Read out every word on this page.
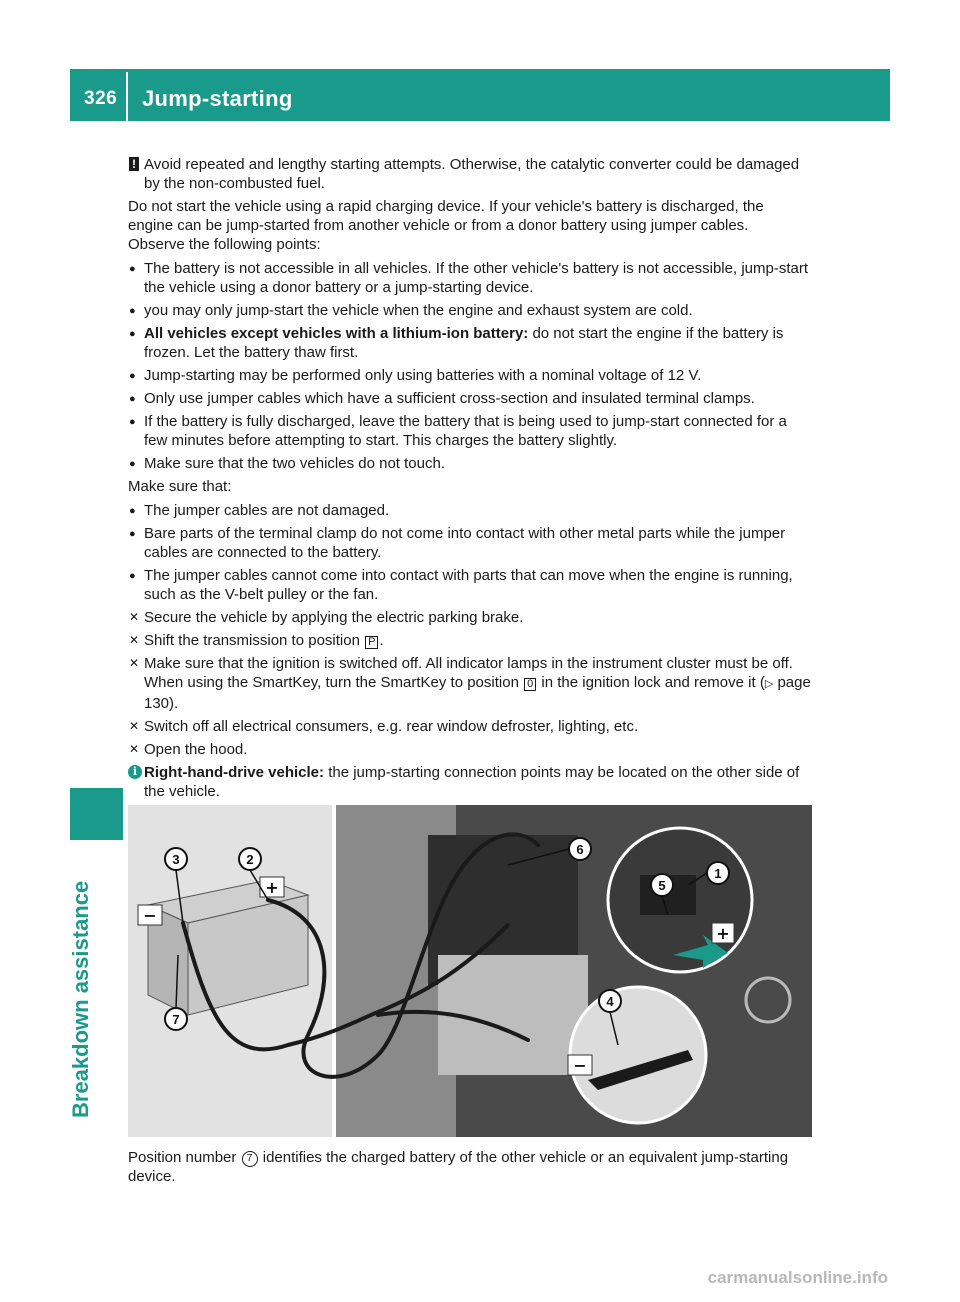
326 Jump-starting
Breakdown assistance
! Avoid repeated and lengthy starting attempts. Otherwise, the catalytic converter could be damaged by the non-combusted fuel.

Do not start the vehicle using a rapid charging device. If your vehicle's battery is discharged, the engine can be jump-started from another vehicle or from a donor battery using jumper cables.

Observe the following points:

● The battery is not accessible in all vehicles. If the other vehicle's battery is not accessible, jump-start the vehicle using a donor battery or a jump-starting device.
● you may only jump-start the vehicle when the engine and exhaust system are cold.
● All vehicles except vehicles with a lithium-ion battery: do not start the engine if the battery is frozen. Let the battery thaw first.
● Jump-starting may be performed only using batteries with a nominal voltage of 12 V.
● Only use jumper cables which have a sufficient cross-section and insulated terminal clamps.
● If the battery is fully discharged, leave the battery that is being used to jump-start connected for a few minutes before attempting to start. This charges the battery slightly.
● Make sure that the two vehicles do not touch.

Make sure that:

● The jumper cables are not damaged.
● Bare parts of the terminal clamp do not come into contact with other metal parts while the jumper cables are connected to the battery.
● The jumper cables cannot come into contact with parts that can move when the engine is running, such as the V-belt pulley or the fan.
✕ Secure the vehicle by applying the electric parking brake.
✕ Shift the transmission to position P .
✕ Make sure that the ignition is switched off. All indicator lamps in the instrument cluster must be off. When using the SmartKey, turn the SmartKey to position 0 in the ignition lock and remove it (▷ page 130).
✕ Switch off all electrical consumers, e.g. rear window defroster, lighting, etc.
✕ Open the hood.
i Right-hand-drive vehicle: the jump-starting connection points may be located on the other side of the vehicle.
+
−
+
−
1
2
3
4
5
6
7
Position number 7 identifies the charged battery of the other vehicle or an equivalent jump-starting device.
carmanualsonline.info
